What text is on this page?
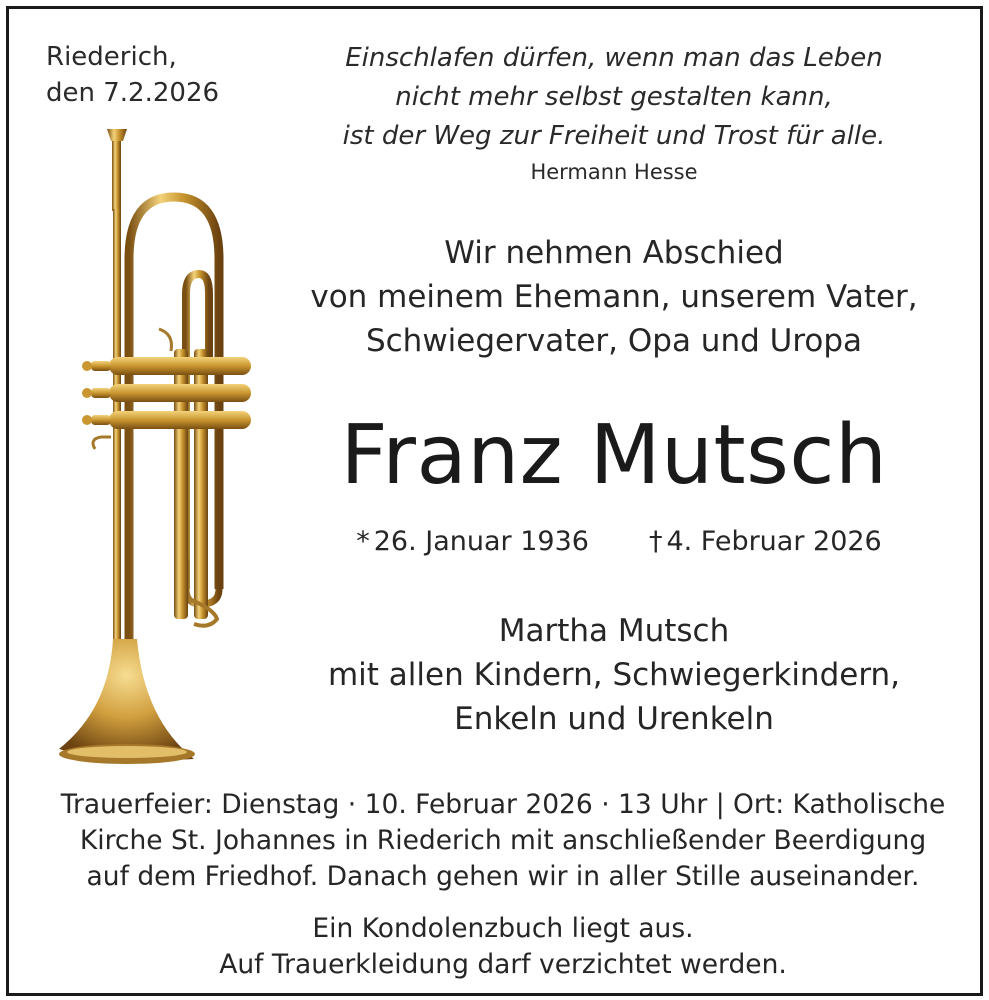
Riederich,
den 7.2.2026
Einschlafen dürfen, wenn man das Leben
nicht mehr selbst gestalten kann,
ist der Weg zur Freiheit und Trost für alle.
Hermann Hesse
Wir nehmen Abschied
von meinem Ehemann, unserem Vater,
Schwiegervater, Opa und Uropa
Franz Mutsch
* 26. Januar 1936 † 4. Februar 2026
Martha Mutsch
mit allen Kindern, Schwiegerkindern,
Enkeln und Urenkeln
Trauerfeier: Dienstag · 10. Februar 2026 · 13 Uhr | Ort: Katholische
Kirche St. Johannes in Riederich mit anschließender Beerdigung
auf dem Friedhof. Danach gehen wir in aller Stille auseinander.
Ein Kondolenzbuch liegt aus.
Auf Trauerkleidung darf verzichtet werden.
